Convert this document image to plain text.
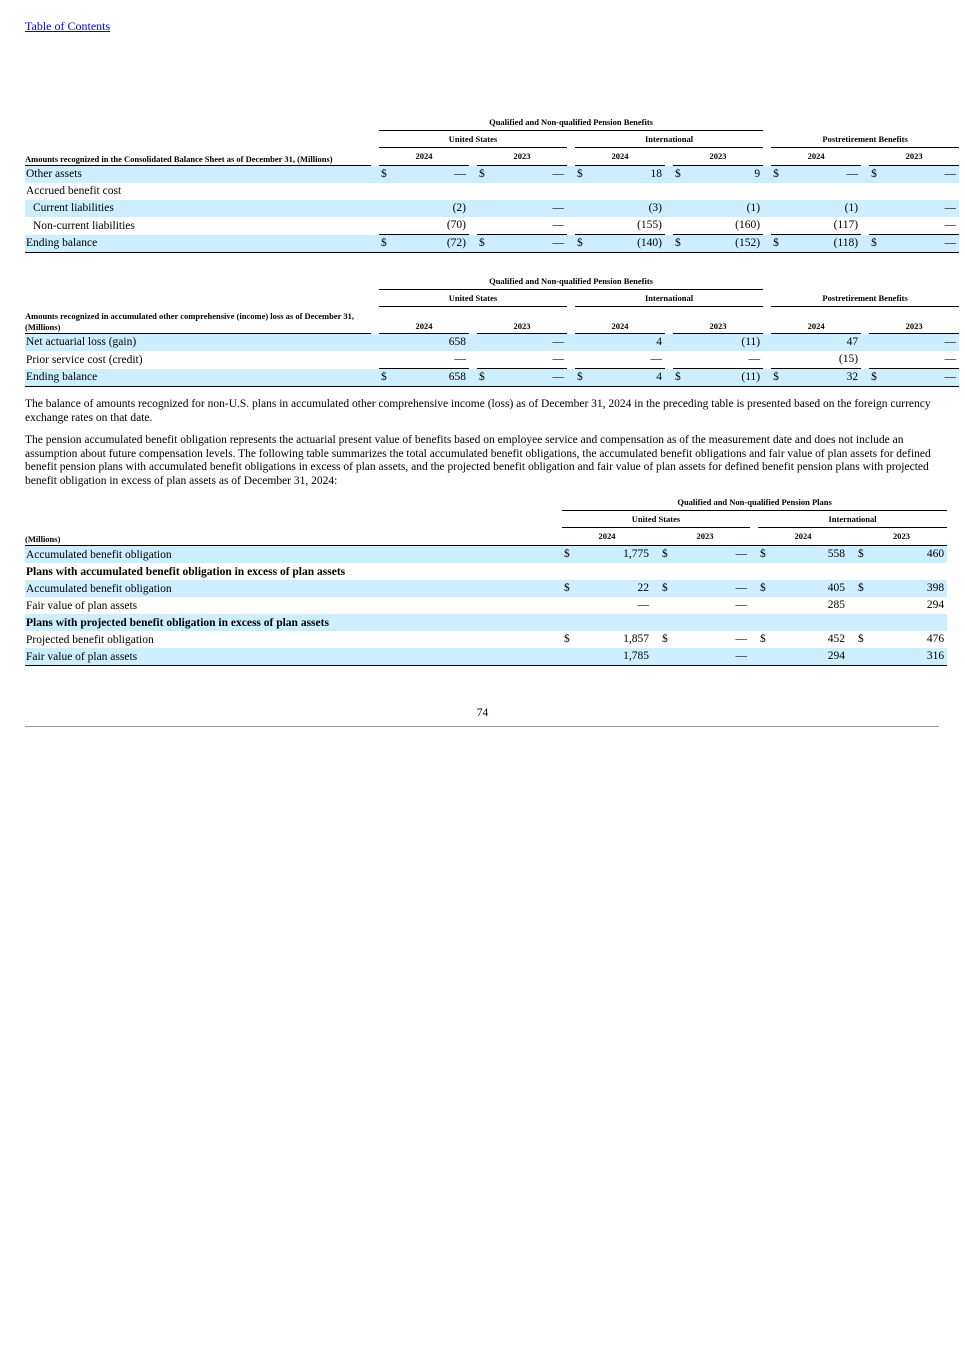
Table of Contents
		Qualified and Non-qualified Pension Benefits																
		United States						International						Postretirement Benefits				
Amounts recognized in the Consolidated Balance Sheet as of December 31, (Millions)		2024			2023			2024			2023			2024			2023	
Other assets		$	—		$	—		$	18		$	9		$	—		$	—
Accrued benefit cost																		
Current liabilities			(2)			—			(3)			(1)			(1)			—
Non-current liabilities			(70)			—			(155)			(160)			(117)			—
Ending balance		$	(72)		$	—		$	(140)		$	(152)		$	(118)		$	—
		Qualified and Non-qualified Pension Benefits																
		United States						International						Postretirement Benefits				
Amounts recognized in accumulated other comprehensive (income) loss as of December 31, (Millions)		2024			2023			2024			2023			2024			2023	
Net actuarial loss (gain)			658			—			4			(11)			47			—
Prior service cost (credit)			—			—			—			—			(15)			—
Ending balance		$	658		$	—		$	4		$	(11)		$	32		$	—

The balance of amounts recognized for non-U.S. plans in accumulated other comprehensive income (loss) as of December 31, 2024 in the preceding table is presented based on the foreign currency exchange rates on that date.

The pension accumulated benefit obligation represents the actuarial present value of benefits based on employee service and compensation as of the measurement date and does not include an assumption about future compensation levels. The following table summarizes the total accumulated benefit obligations, the accumulated benefit obligations and fair value of plan assets for defined benefit pension plans with accumulated benefit obligations in excess of plan assets, and the projected benefit obligation and fair value of plan assets for defined benefit pension plans with projected benefit obligation in excess of plan assets as of December 31, 2024:

		Qualified and Non-qualified Pension Plans										
		United States						International				
(Millions)		2024			2023			2024			2023	
Accumulated benefit obligation		$	1,775		$	—		$	558		$	460
Plans with accumulated benefit obligation in excess of plan assets												
Accumulated benefit obligation		$	22		$	—		$	405		$	398
Fair value of plan assets			—			—			285			294
Plans with projected benefit obligation in excess of plan assets												
Projected benefit obligation		$	1,857		$	—		$	452		$	476
Fair value of plan assets			1,785			—			294			316
74
